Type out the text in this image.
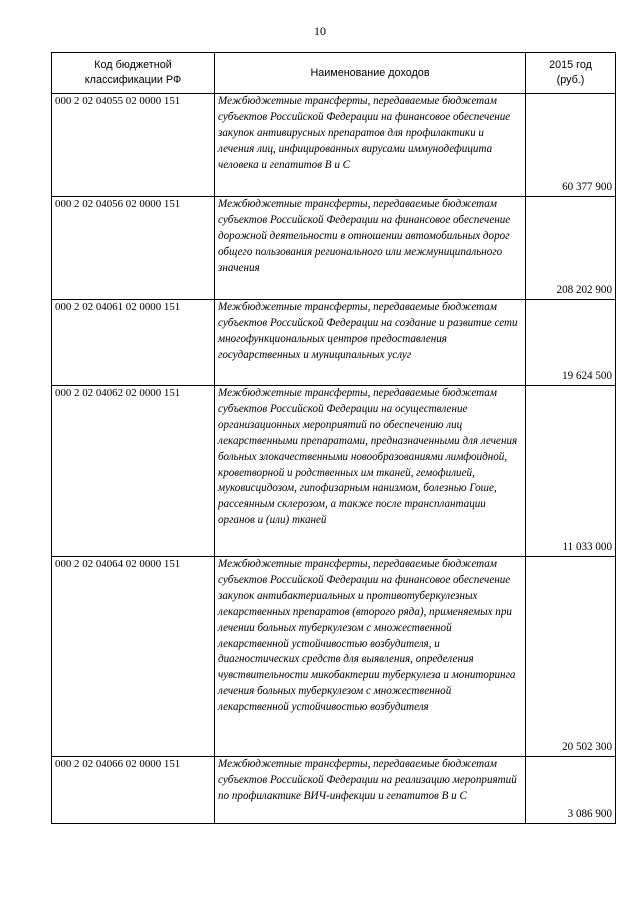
10
Код бюджетной классификации РФ	Наименование доходов	2015 год (руб.)
000 2 02 04055 02 0000 151	Межбюджетные трансферты, передаваемые бюджетам субъектов Российской Федерации на финансовое обеспечение закупок антивирусных препаратов для профилактики и лечения лиц, инфицированных вирусами иммунодефицита человека и гепатитов В и С	60 377 900
000 2 02 04056 02 0000 151	Межбюджетные трансферты, передаваемые бюджетам субъектов Российской Федерации на финансовое обеспечение дорожной деятельности в отношении автомобильных дорог общего пользования регионального или межмуниципального значения	208 202 900
000 2 02 04061 02 0000 151	Межбюджетные трансферты, передаваемые бюджетам субъектов Российской Федерации на создание и развитие сети многофункциональных центров предоставления государственных и муниципальных услуг	19 624 500
000 2 02 04062 02 0000 151	Межбюджетные трансферты, передаваемые бюджетам субъектов Российской Федерации на осуществление организационных мероприятий по обеспечению лиц лекарственными препаратами, предназначенными для лечения больных злокачественными новообразованиями лимфоидной, кроветворной и родственных им тканей, гемофилией, муковисцидозом, гипофизарным нанизмом, болезнью Гоше, рассеянным склерозом, а также после трансплантации органов и (или) тканей	11 033 000
000 2 02 04064 02 0000 151	Межбюджетные трансферты, передаваемые бюджетам субъектов Российской Федерации на финансовое обеспечение закупок антибактериальных и противотуберкулезных лекарственных препаратов (второго ряда), применяемых при лечении больных туберкулезом с множественной лекарственной устойчивостью возбудителя, и диагностических средств для выявления, определения чувствительности микобактерии туберкулеза и мониторинга лечения больных туберкулезом с множественной лекарственной устойчивостью возбудителя	20 502 300
000 2 02 04066 02 0000 151	Межбюджетные трансферты, передаваемые бюджетам субъектов Российской Федерации на реализацию мероприятий по профилактике ВИЧ-инфекции и гепатитов В и С	3 086 900
